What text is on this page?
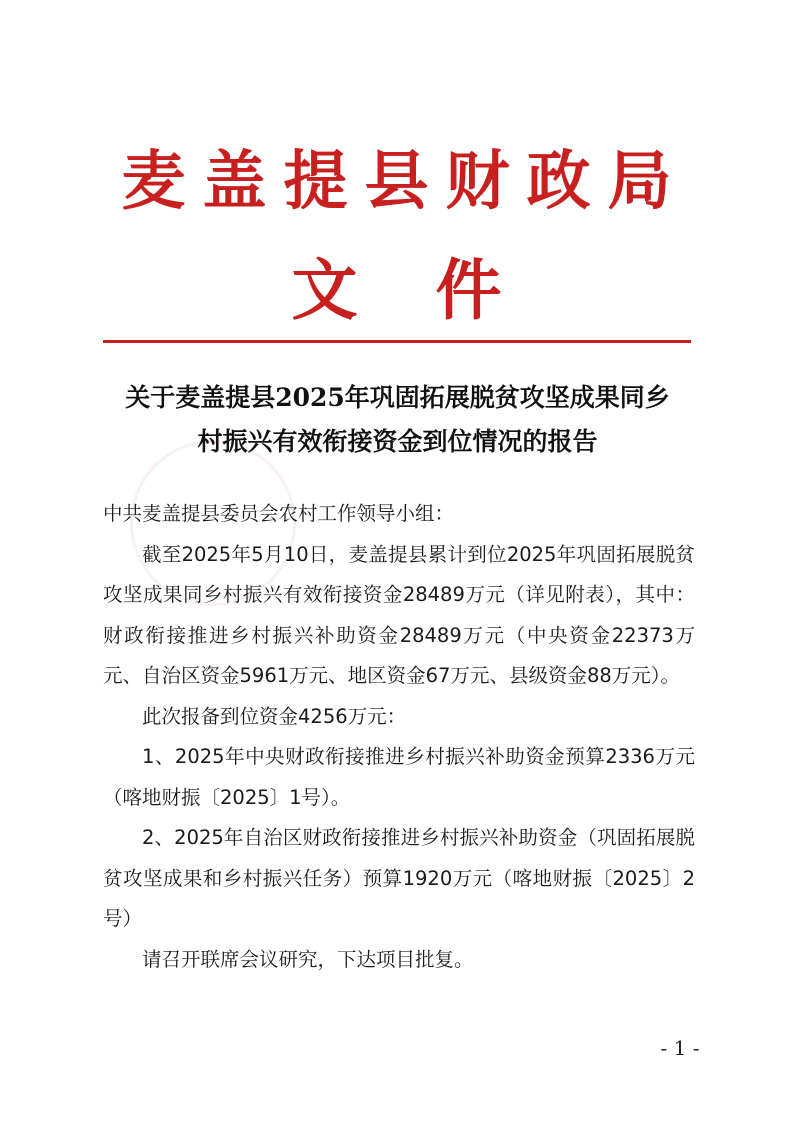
麦盖提县财政局
文件
关于麦盖提县2025年巩固拓展脱贫攻坚成果同乡
村振兴有效衔接资金到位情况的报告

中共麦盖提县委员会农村工作领导小组：

截至2025年5月10日，麦盖提县累计到位2025年巩固拓展脱贫攻坚成果同乡村振兴有效衔接资金28489万元（详见附表），其中：财政衔接推进乡村振兴补助资金28489万元（中央资金22373万元、自治区资金5961万元、地区资金67万元、县级资金88万元）。

此次报备到位资金4256万元：

1、2025年中央财政衔接推进乡村振兴补助资金预算2336万元（喀地财振〔2025〕1号）。

2、2025年自治区财政衔接推进乡村振兴补助资金（巩固拓展脱贫攻坚成果和乡村振兴任务）预算1920万元（喀地财振〔2025〕2号）

请召开联席会议研究，下达项目批复。

- 1 -
